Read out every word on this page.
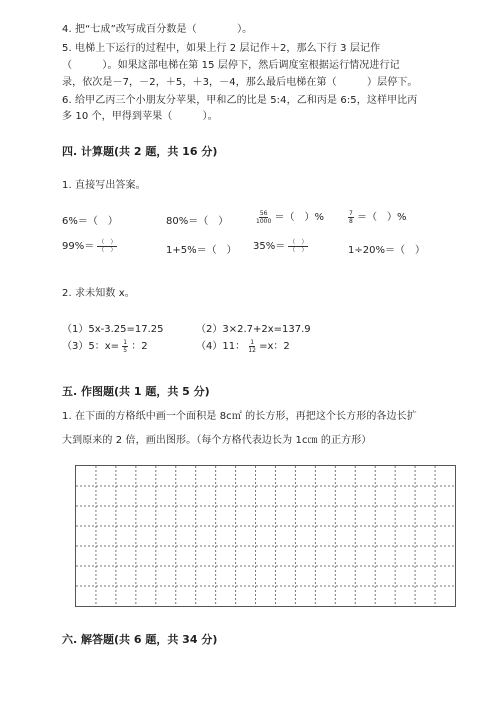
4. 把“七成”改写成百分数是（　　　　）。
5. 电梯上下运行的过程中，如果上行 2 层记作＋2，那么下行 3 层记作
（　　　）。如果这部电梯在第 15 层停下，然后调度室根据运行情况进行记
录，依次是－7，－2，＋5，＋3，－4，那么最后电梯在第（　　　）层停下。
6. 给甲乙丙三个小朋友分苹果，甲和乙的比是 5:4，乙和丙是 6:5，这样甲比丙
多 10 个，甲得到苹果（　　　）。
四. 计算题(共 2 题，共 16 分)
1. 直接写出答案。
6%＝（　）	80%＝（　）	$\frac{56}{1000}$ ＝（　）%	$\frac{7}{8}$ ＝（　）%
$99\%= \frac{( )}{( )}$	1+5%＝（　） $35\%= \frac{( )}{( )}$	1÷20%＝（　）
2. 求未知数 x。
（1）5x-3.25=17.25	（2）3×2.7+2x=137.9
（3）5：$x= \frac{1}{5}$ ：2	（4）11： $\frac{1}{12} =x$：2
五. 作图题(共 1 题，共 5 分)
1. 在下面的方格纸中画一个面积是 8c㎡ 的长方形，再把这个长方形的各边长扩
大到原来的 2 倍，画出图形。（每个方格代表边长为 1c㎝ 的正方形）
六. 解答题(共 6 题，共 34 分)
